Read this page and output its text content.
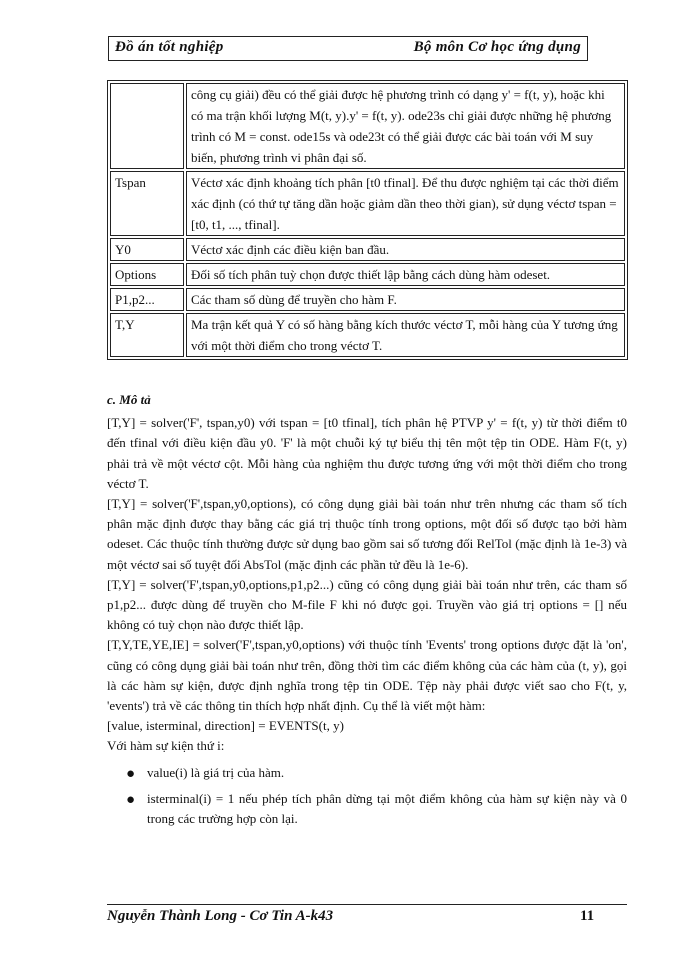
Đồ án tốt nghiệp	Bộ môn Cơ học ứng dụng
	công cụ giải) đều có thể giải được hệ phương trình có dạng y' = f(t, y), hoặc khi có ma trận khối lượng M(t, y).y' = f(t, y). ode23s chỉ giải được những hệ phương trình có M = const. ode15s và ode23t có thể giải được các bài toán với M suy biến, phương trình vi phân đại số.
Tspan	Véctơ xác định khoảng tích phân [t0 tfinal]. Để thu được nghiệm tại các thời điểm xác định (có thứ tự tăng dần hoặc giảm dần theo thời gian), sử dụng véctơ tspan = [t0, t1, ..., tfinal].
Y0	Véctơ xác định các điều kiện ban đầu.
Options	Đối số tích phân tuỳ chọn được thiết lập bằng cách dùng hàm odeset.
P1,p2...	Các tham số dùng để truyền cho hàm F.
T,Y	Ma trận kết quả Y có số hàng bằng kích thước véctơ T, mỗi hàng của Y tương ứng với một thời điểm cho trong véctơ T.

c. Mô tả

[T,Y] = solver('F', tspan,y0) với tspan = [t0 tfinal], tích phân hệ PTVP y' = f(t, y) từ thời điểm t0 đến tfinal với điều kiện đầu y0. 'F' là một chuỗi ký tự biểu thị tên một tệp tin ODE. Hàm F(t, y) phải trả về một véctơ cột. Mỗi hàng của nghiệm thu được tương ứng với một thời điểm cho trong véctơ T.

[T,Y] = solver('F',tspan,y0,options), có công dụng giải bài toán như trên nhưng các tham số tích phân mặc định được thay bằng các giá trị thuộc tính trong options, một đối số được tạo bởi hàm odeset. Các thuộc tính thường được sử dụng bao gồm sai số tương đối RelTol (mặc định là 1e-3) và một véctơ sai số tuyệt đối AbsTol (mặc định các phần tử đều là 1e-6).

[T,Y] = solver('F',tspan,y0,options,p1,p2...) cũng có công dụng giải bài toán như trên, các tham số p1,p2... được dùng để truyền cho M-file F khi nó được gọi. Truyền vào giá trị options = [] nếu không có tuỳ chọn nào được thiết lập.

[T,Y,TE,YE,IE] = solver('F',tspan,y0,options) với thuộc tính 'Events' trong options được đặt là 'on', cũng có công dụng giải bài toán như trên, đồng thời tìm các điểm không của các hàm của (t, y), gọi là các hàm sự kiện, được định nghĩa trong tệp tin ODE. Tệp này phải được viết sao cho F(t, y, 'events') trả về các thông tin thích hợp nhất định. Cụ thể là viết một hàm:

[value, isterminal, direction] = EVENTS(t, y)

Với hàm sự kiện thứ i:

● value(i) là giá trị của hàm.
● isterminal(i) = 1 nếu phép tích phân dừng tại một điểm không của hàm sự kiện này và 0 trong các trường hợp còn lại.
Nguyễn Thành Long - Cơ Tin A-k43	11
